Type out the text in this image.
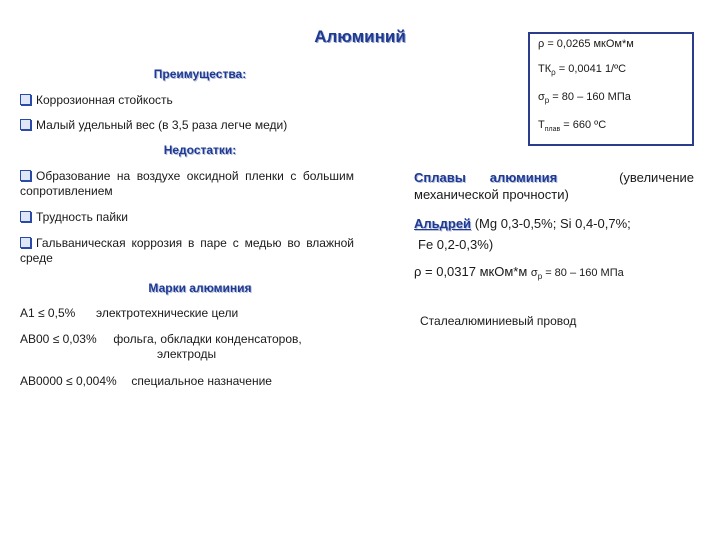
Алюминий	ρ = 0,0265 мкОм*м
$ТК_\rho = 0,0041$ 1/ºС
$\sigma_р = 80 - 160$ МПа
$Т_{плав} = 660$ ºС
Преимущества:
Коррозионная стойкость
Малый удельный вес (в 3,5 раза легче меди)
Недостатки:
Образование на воздухе оксидной пленки с большим сопротивлением
Трудность пайки
Гальваническая коррозия в паре с медью во влажной среде
Марки алюминия
А1 ≤ 0,5% электротехнические цели
АВ00 ≤ 0,03% фольга, обкладки конденсаторов,
электроды
АВ0000 ≤ 0,004% специальное назначение
Сплавы алюминия	(увеличение механической прочности)
Альдрей (Mg 0,3-0,5%; Si 0,4-0,7%;
Fe 0,2-0,3%)
ρ = 0,0317 мкОм*м $\sigma_р = 80 - 160$ МПа
Сталеалюминиевый провод
